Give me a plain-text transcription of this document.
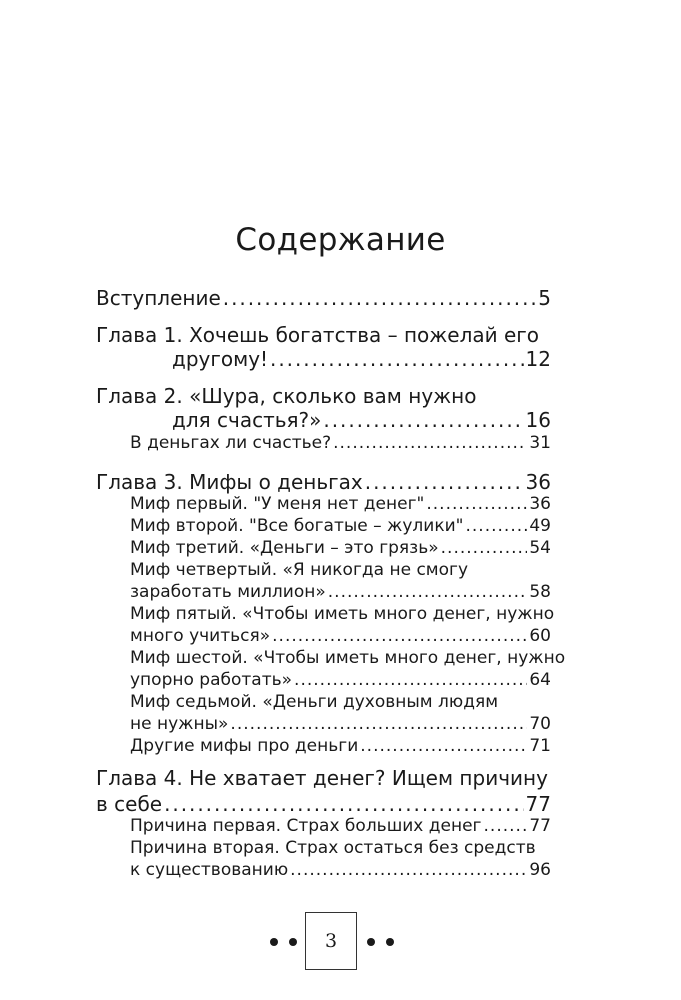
Содержание
Вступление . . .	5
Глава 1. Хочешь богатства – пожелай его
другому! . . .	12
Глава 2. «Шура, сколько вам нужно
для счастья?» . . .	16
В деньгах ли счастье? . . .	31
Глава 3. Мифы о деньгах . . .	36
Миф первый. "У меня нет денег" . . .	36
Миф второй. "Все богатые – жулики" . . .	49
Миф третий. «Деньги – это грязь» . . .	54
Миф четвертый. «Я никогда не смогу
заработать миллион» . . .	58
Миф пятый. «Чтобы иметь много денег, нужно
много учиться» . . .	60
Миф шестой. «Чтобы иметь много денег, нужно
упорно работать» . . .	64
Миф седьмой. «Деньги духовным людям
не нужны» . . .	70
Другие мифы про деньги . . .	71
Глава 4. Не хватает денег? Ищем причину
в себе . . .	77
Причина первая. Страх больших денег . . .	77
Причина вторая. Страх остаться без средств
к существованию . . .	96
3
